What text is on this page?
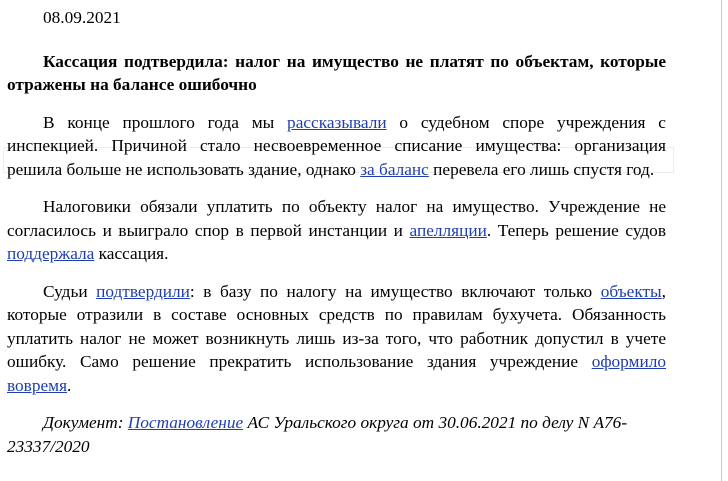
08.09.2021

Кассация подтвердила: налог на имущество не платят по объектам, которые отражены на балансе ошибочно

В конце прошлого года мы рассказывали о судебном споре учреждения с инспекцией. Причиной стало несвоевременное списание имущества: организация решила больше не использовать здание, однако за баланс перевела его лишь спустя год.

Налоговики обязали уплатить по объекту налог на имущество. Учреждение не согласилось и выиграло спор в первой инстанции и апелляции. Теперь решение судов поддержала кассация.

Судьи подтвердили: в базу по налогу на имущество включают только объекты, которые отразили в составе основных средств по правилам бухучета. Обязанность уплатить налог не может возникнуть лишь из-за того, что работник допустил в учете ошибку. Само решение прекратить использование здания учреждение оформило вовремя.

Документ: Постановление АС Уральского округа от 30.06.2021 по делу N А76-23337/2020
